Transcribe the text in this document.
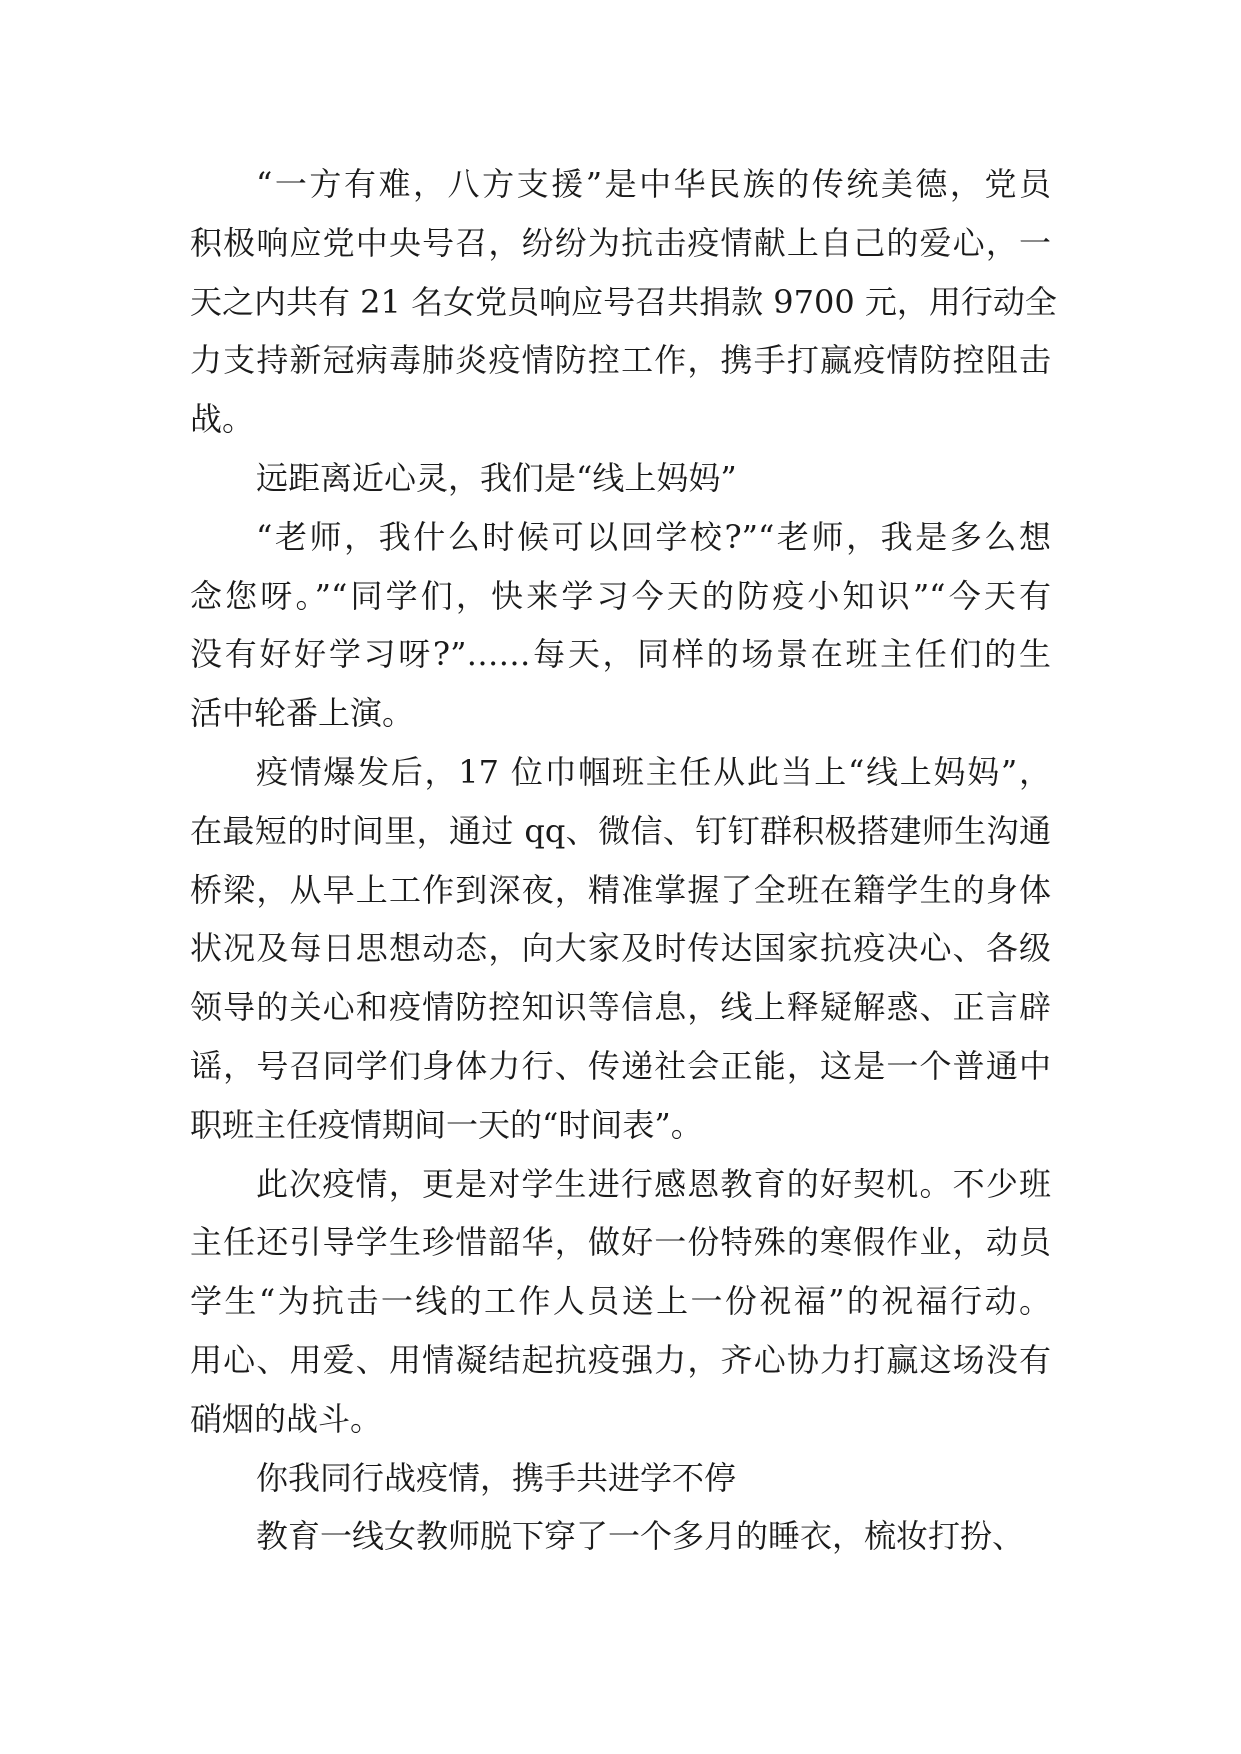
“一方有难，八方支援”是中华民族的传统美德，党员
积极响应党中央号召，纷纷为抗击疫情献上自己的爱心，一
天之内共有 21 名女党员响应号召共捐款 9700 元，用行动全
力支持新冠病毒肺炎疫情防控工作，携手打赢疫情防控阻击
战。
远距离近心灵，我们是“线上妈妈”
“老师，我什么时候可以回学校?”“老师，我是多么想
念您呀。”“同学们，快来学习今天的防疫小知识”“今天有
没有好好学习呀?”……每天，同样的场景在班主任们的生
活中轮番上演。
疫情爆发后，17 位巾帼班主任从此当上“线上妈妈”，
在最短的时间里，通过 qq、微信、钉钉群积极搭建师生沟通
桥梁，从早上工作到深夜，精准掌握了全班在籍学生的身体
状况及每日思想动态，向大家及时传达国家抗疫决心、各级
领导的关心和疫情防控知识等信息，线上释疑解惑、正言辟
谣，号召同学们身体力行、传递社会正能，这是一个普通中
职班主任疫情期间一天的“时间表”。
此次疫情，更是对学生进行感恩教育的好契机。不少班
主任还引导学生珍惜韶华，做好一份特殊的寒假作业，动员
学生“为抗击一线的工作人员送上一份祝福”的祝福行动。
用心、用爱、用情凝结起抗疫强力，齐心协力打赢这场没有
硝烟的战斗。
你我同行战疫情，携手共进学不停
教育一线女教师脱下穿了一个多月的睡衣，梳妆打扮、
